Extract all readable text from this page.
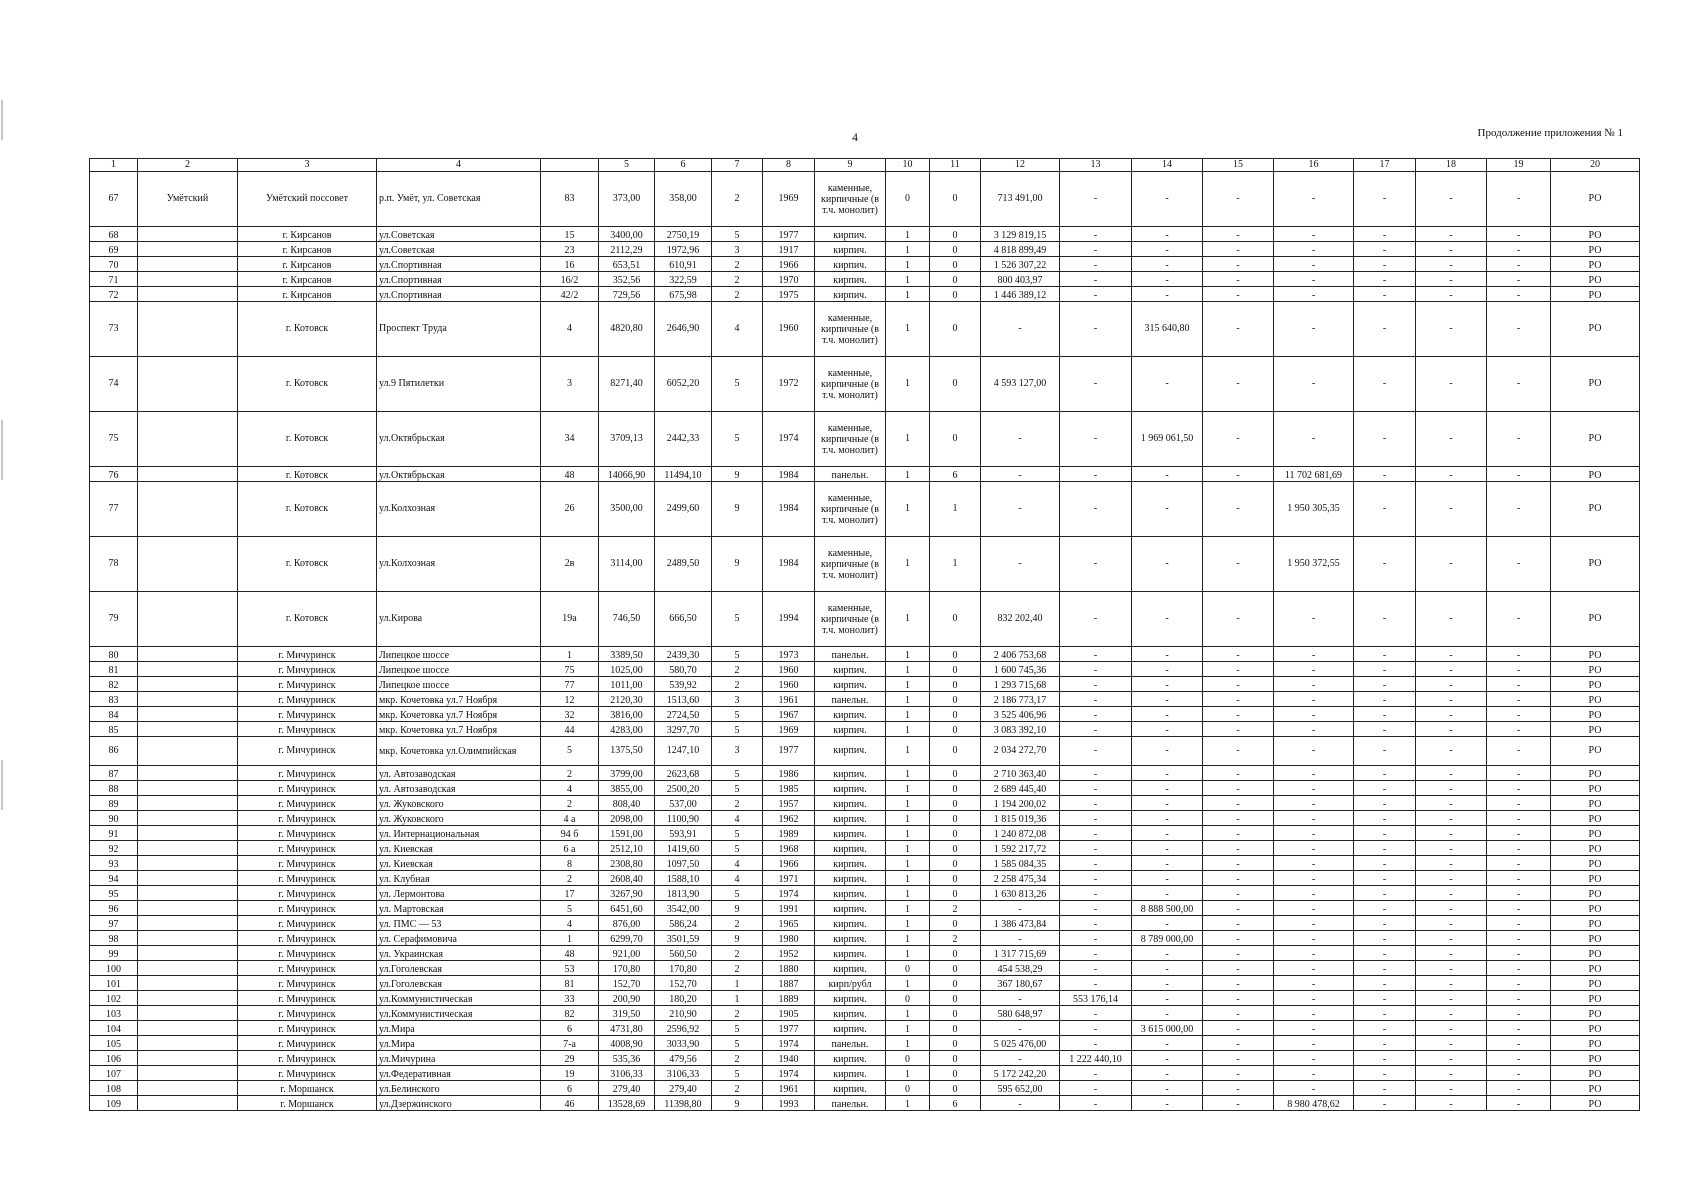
4	Продолжение приложения № 1
1	2	3	4		5	6	7	8	9	10	11	12	13	14	15	16	17	18	19	20
67	Умётский	Умётский поссовет	р.п. Умёт, ул. Советская	83	373,00	358,00	2	1969	каменные, кирпичные (в т.ч. монолит)	0	0	713 491,00	-	-	-	-	-	-	-	РО
68		г. Кирсанов	ул.Советская	15	3400,00	2750,19	5	1977	кирпич.	1	0	3 129 819,15	-	-	-	-	-	-	-	РО
69		г. Кирсанов	ул.Советская	23	2112,29	1972,96	3	1917	кирпич.	1	0	4 818 899,49	-	-	-	-	-	-	-	РО
70		г. Кирсанов	ул.Спортивная	16	653,51	610,91	2	1966	кирпич.	1	0	1 526 307,22	-	-	-	-	-	-	-	РО
71		г. Кирсанов	ул.Спортивная	16/2	352,56	322,59	2	1970	кирпич.	1	0	800 403,97	-	-	-	-	-	-	-	РО
72		г. Кирсанов	ул.Спортивная	42/2	729,56	675,98	2	1975	кирпич.	1	0	1 446 389,12	-	-	-	-	-	-	-	РО
73		г. Котовск	Проспект Труда	4	4820,80	2646,90	4	1960	каменные, кирпичные (в т.ч. монолит)	1	0	-	-	315 640,80	-	-	-	-	-	РО
74		г. Котовск	ул.9 Пятилетки	3	8271,40	6052,20	5	1972	каменные, кирпичные (в т.ч. монолит)	1	0	4 593 127,00	-	-	-	-	-	-	-	РО
75		г. Котовск	ул.Октябрьская	34	3709,13	2442,33	5	1974	каменные, кирпичные (в т.ч. монолит)	1	0	-	-	1 969 061,50	-	-	-	-	-	РО
76		г. Котовск	ул.Октябрьская	48	14066,90	11494,10	9	1984	панельн.	1	6	-	-	-	-	11 702 681,69	-	-	-	РО
77		г. Котовск	ул.Колхозная	26	3500,00	2499,60	9	1984	каменные, кирпичные (в т.ч. монолит)	1	1	-	-	-	-	1 950 305,35	-	-	-	РО
78		г. Котовск	ул.Колхозная	2в	3114,00	2489,50	9	1984	каменные, кирпичные (в т.ч. монолит)	1	1	-	-	-	-	1 950 372,55	-	-	-	РО
79		г. Котовск	ул.Кирова	19а	746,50	666,50	5	1994	каменные, кирпичные (в т.ч. монолит)	1	0	832 202,40	-	-	-	-	-	-	-	РО
80		г. Мичуринск	Липецкое шоссе	1	3389,50	2439,30	5	1973	панельн.	1	0	2 406 753,68	-	-	-	-	-	-	-	РО
81		г. Мичуринск	Липецкое шоссе	75	1025,00	580,70	2	1960	кирпич.	1	0	1 600 745,36	-	-	-	-	-	-	-	РО
82		г. Мичуринск	Липецкое шоссе	77	1011,00	539,92	2	1960	кирпич.	1	0	1 293 715,68	-	-	-	-	-	-	-	РО
83		г. Мичуринск	мкр. Кочетовка ул.7 Ноября	12	2120,30	1513,60	3	1961	панельн.	1	0	2 186 773,17	-	-	-	-	-	-	-	РО
84		г. Мичуринск	мкр. Кочетовка ул.7 Ноября	32	3816,00	2724,50	5	1967	кирпич.	1	0	3 525 406,96	-	-	-	-	-	-	-	РО
85		г. Мичуринск	мкр. Кочетовка ул.7 Ноября	44	4283,00	3297,70	5	1969	кирпич.	1	0	3 083 392,10	-	-	-	-	-	-	-	РО
86		г. Мичуринск	мкр. Кочетовка ул.Олимпийская	5	1375,50	1247,10	3	1977	кирпич.	1	0	2 034 272,70	-	-	-	-	-	-	-	РО
87		г. Мичуринск	ул. Автозаводская	2	3799,00	2623,68	5	1986	кирпич.	1	0	2 710 363,40	-	-	-	-	-	-	-	РО
88		г. Мичуринск	ул. Автозаводская	4	3855,00	2500,20	5	1985	кирпич.	1	0	2 689 445,40	-	-	-	-	-	-	-	РО
89		г. Мичуринск	ул. Жуковского	2	808,40	537,00	2	1957	кирпич.	1	0	1 194 200,02	-	-	-	-	-	-	-	РО
90		г. Мичуринск	ул. Жуковского	4 а	2098,00	1100,90	4	1962	кирпич.	1	0	1 815 019,36	-	-	-	-	-	-	-	РО
91		г. Мичуринск	ул. Интернациональная	94 б	1591,00	593,91	5	1989	кирпич.	1	0	1 240 872,08	-	-	-	-	-	-	-	РО
92		г. Мичуринск	ул. Киевская	6 а	2512,10	1419,60	5	1968	кирпич.	1	0	1 592 217,72	-	-	-	-	-	-	-	РО
93		г. Мичуринск	ул. Киевская	8	2308,80	1097,50	4	1966	кирпич.	1	0	1 585 084,35	-	-	-	-	-	-	-	РО
94		г. Мичуринск	ул. Клубная	2	2608,40	1588,10	4	1971	кирпич.	1	0	2 258 475,34	-	-	-	-	-	-	-	РО
95		г. Мичуринск	ул. Лермонтова	17	3267,90	1813,90	5	1974	кирпич.	1	0	1 630 813,26	-	-	-	-	-	-	-	РО
96		г. Мичуринск	ул. Мартовская	5	6451,60	3542,00	9	1991	кирпич.	1	2	-	-	8 888 500,00	-	-	-	-	-	РО
97		г. Мичуринск	ул. ПМС — 53	4	876,00	586,24	2	1965	кирпич.	1	0	1 386 473,84	-	-	-	-	-	-	-	РО
98		г. Мичуринск	ул. Серафимовича	1	6299,70	3501,59	9	1980	кирпич.	1	2	-	-	8 789 000,00	-	-	-	-	-	РО
99		г. Мичуринск	ул. Украинская	48	921,00	560,50	2	1952	кирпич.	1	0	1 317 715,69	-	-	-	-	-	-	-	РО
100		г. Мичуринск	ул.Гоголевская	53	170,80	170,80	2	1880	кирпич.	0	0	454 538,29	-	-	-	-	-	-	-	РО
101		г. Мичуринск	ул.Гоголевская	81	152,70	152,70	1	1887	кирп/рубл	1	0	367 180,67	-	-	-	-	-	-	-	РО
102		г. Мичуринск	ул.Коммунистическая	33	200,90	180,20	1	1889	кирпич.	0	0	-	553 176,14	-	-	-	-	-	-	РО
103		г. Мичуринск	ул.Коммунистическая	82	319,50	210,90	2	1905	кирпич.	1	0	580 648,97	-	-	-	-	-	-	-	РО
104		г. Мичуринск	ул.Мира	6	4731,80	2596,92	5	1977	кирпич.	1	0	-	-	3 615 000,00	-	-	-	-	-	РО
105		г. Мичуринск	ул.Мира	7-а	4008,90	3033,90	5	1974	панельн.	1	0	5 025 476,00	-	-	-	-	-	-	-	РО
106		г. Мичуринск	ул.Мичурина	29	535,36	479,56	2	1940	кирпич.	0	0	-	1 222 440,10	-	-	-	-	-	-	РО
107		г. Мичуринск	ул.Федеративная	19	3106,33	3106,33	5	1974	кирпич.	1	0	5 172 242,20	-	-	-	-	-	-	-	РО
108		г. Моршанск	ул.Белинского	6	279,40	279,40	2	1961	кирпич.	0	0	595 652,00	-	-	-	-	-	-	-	РО
109		г. Моршанск	ул.Дзержинского	46	13528,69	11398,80	9	1993	панельн.	1	6	-	-	-	-	8 980 478,62	-	-	-	РО
